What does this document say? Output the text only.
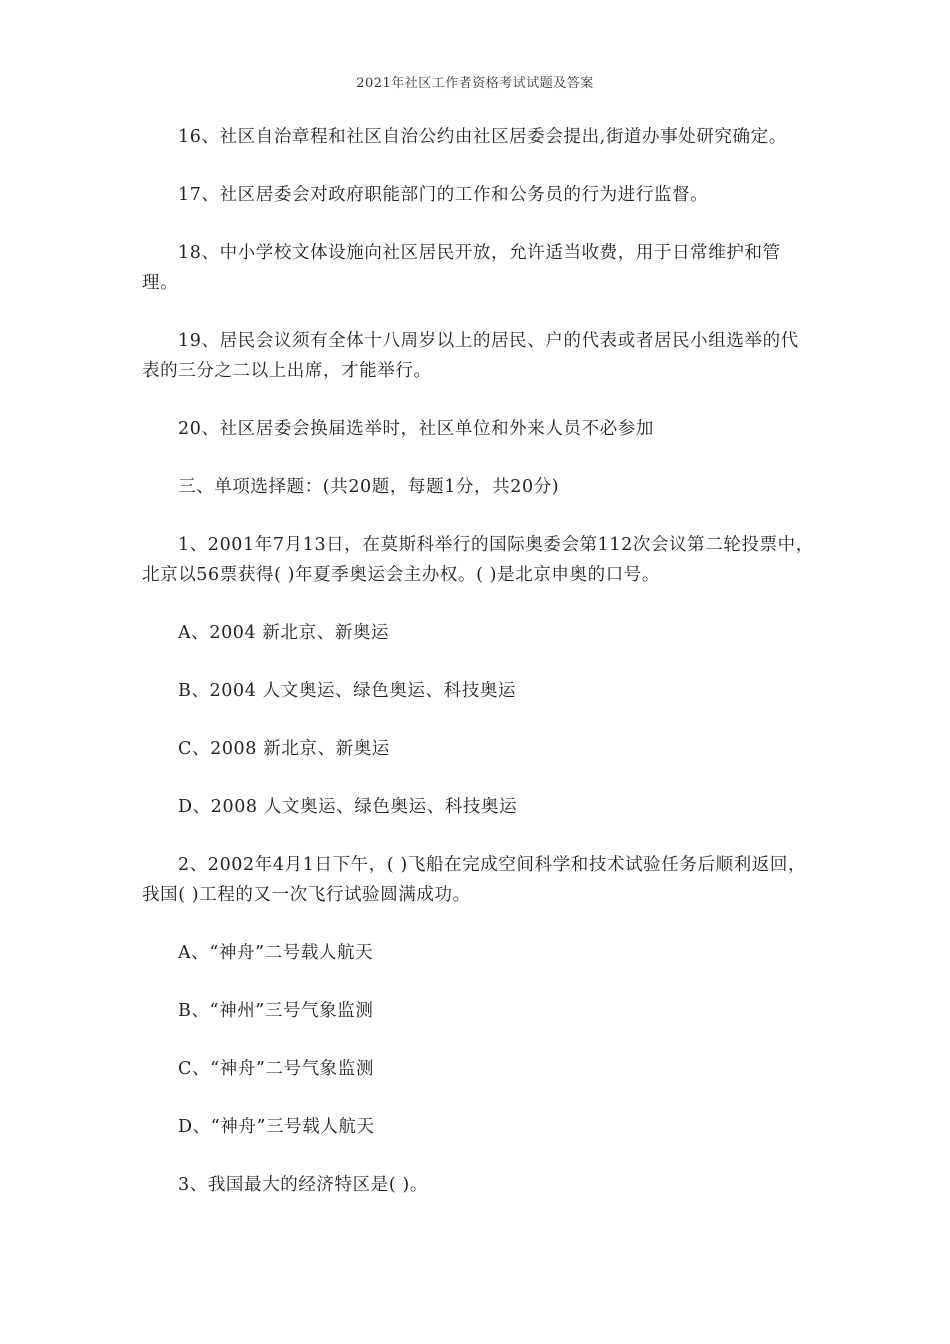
2021年社区工作者资格考试试题及答案

16、社区自治章程和社区自治公约由社区居委会提出,街道办事处研究确定。

17、社区居委会对政府职能部门的工作和公务员的行为进行监督。

18、中小学校文体设施向社区居民开放，允许适当收费，用于日常维护和管理。

19、居民会议须有全体十八周岁以上的居民、户的代表或者居民小组选举的代表的三分之二以上出席，才能举行。

20、社区居委会换届选举时，社区单位和外来人员不必参加

三、单项选择题：(共20题，每题1分，共20分)

1、2001年7月13日，在莫斯科举行的国际奥委会第112次会议第二轮投票中，北京以56票获得( )年夏季奥运会主办权。( )是北京申奥的口号。

A、2004 新北京、新奥运

B、2004 人文奥运、绿色奥运、科技奥运

C、2008 新北京、新奥运

D、2008 人文奥运、绿色奥运、科技奥运

2、2002年4月1日下午，( )飞船在完成空间科学和技术试验任务后顺利返回，我国( )工程的又一次飞行试验圆满成功。

A、“神舟”二号载人航天

B、“神州”三号气象监测

C、“神舟”二号气象监测

D、“神舟”三号载人航天

3、我国最大的经济特区是( )。
